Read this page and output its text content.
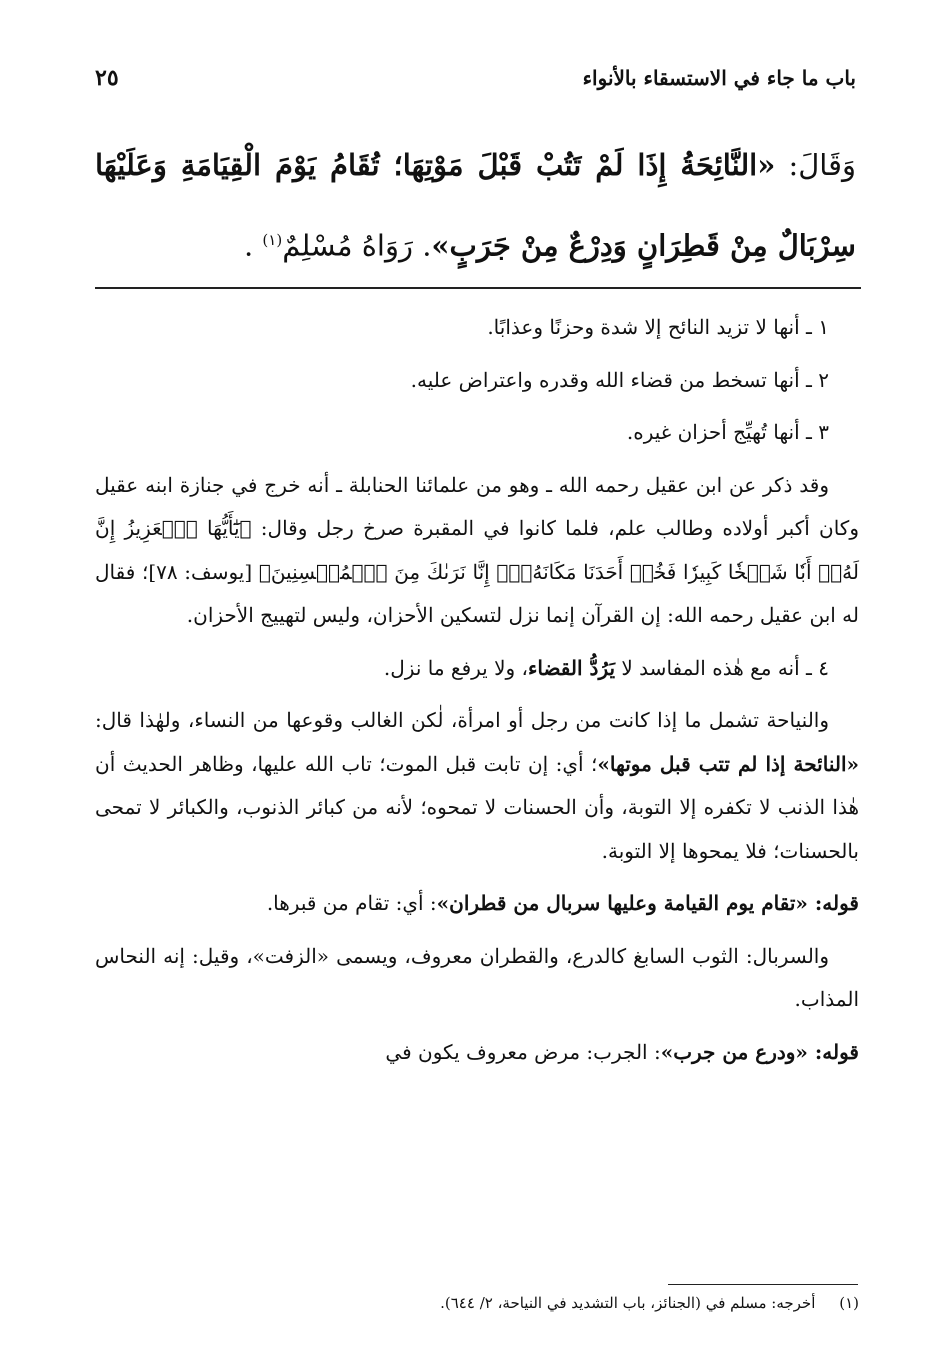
باب ما جاء في الاستسقاء بالأنواء
٢٥
وَقَالَ: «النَّائِحَةُ إِذَا لَمْ تَتُبْ قَبْلَ مَوْتِهَا؛ تُقَامُ يَوْمَ الْقِيَامَةِ وَعَلَيْهَا سِرْبَالٌ مِنْ قَطِرَانٍ وَدِرْعٌ مِنْ جَرَبٍ». رَوَاهُ مُسْلِمٌ$^{(١)}$ .

١ ـ أنها لا تزيد النائح إلا شدة وحزنًا وعذابًا.

٢ ـ أنها تسخط من قضاء الله وقدره واعتراض عليه.

٣ ـ أنها تُهيِّج أحزان غيره.

وقد ذكر عن ابن عقيل رحمه الله ـ وهو من علمائنا الحنابلة ـ أنه خرج في جنازة ابنه عقيل وكان أكبر أولاده وطالب علم، فلما كانوا في المقبرة صرخ رجل وقال: ﴿يَٰٓأَيُّهَا ٱلۡعَزِيزُ إِنَّ لَهُۥٓ أَبٗا شَيۡخٗا كَبِيرٗا فَخُذۡ أَحَدَنَا مَكَانَهُۥٓۖ إِنَّا نَرَىٰكَ مِنَ ٱلۡمُحۡسِنِينَ﴾ [يوسف: ٧٨]؛ فقال له ابن عقيل رحمه الله: إن القرآن إنما نزل لتسكين الأحزان، وليس لتهييج الأحزان.

٤ ـ أنه مع هٰذه المفاسد لا يَرُدُّ القضاء، ولا يرفع ما نزل.

والنياحة تشمل ما إذا كانت من رجل أو امرأة، لٰكن الغالب وقوعها من النساء، ولهٰذا قال: «النائحة إذا لم تتب قبل موتها»؛ أي: إن تابت قبل الموت؛ تاب الله عليها، وظاهر الحديث أن هٰذا الذنب لا تكفره إلا التوبة، وأن الحسنات لا تمحوه؛ لأنه من كبائر الذنوب، والكبائر لا تمحى بالحسنات؛ فلا يمحوها إلا التوبة.

قوله: «تقام يوم القيامة وعليها سربال من قطران»: أي: تقام من قبرها.

والسربال: الثوب السابغ كالدرع، والقطران معروف، ويسمى «الزفت»، وقيل: إنه النحاس المذاب.

قوله: «ودرع من جرب»: الجرب: مرض معروف يكون في

(١)     أخرجه: مسلم في (الجنائز، باب التشديد في النياحة، ٢/ ٦٤٤).
